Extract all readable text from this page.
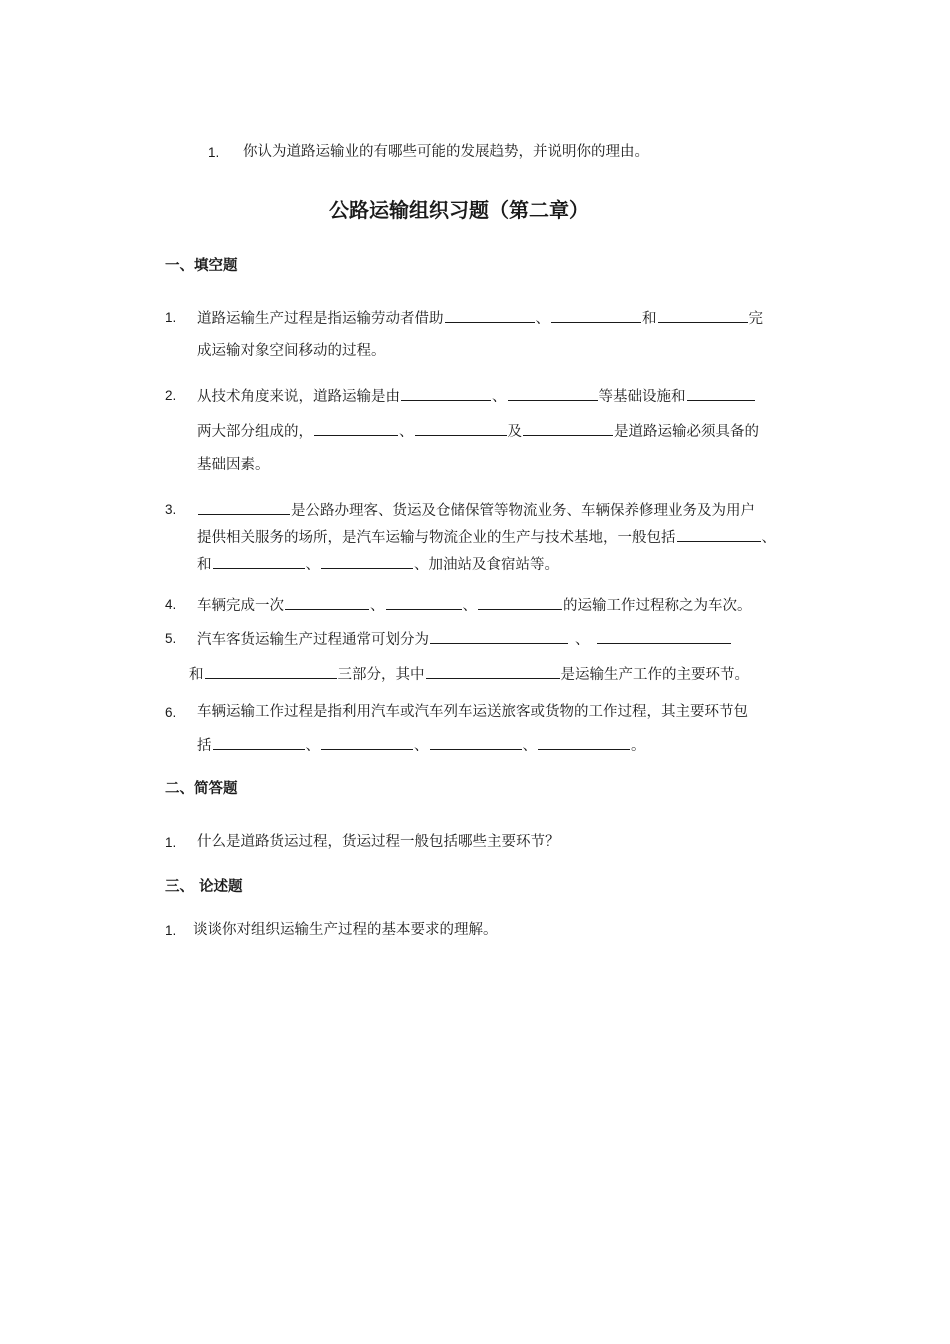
1. 你认为道路运输业的有哪些可能的发展趋势，并说明你的理由。
公路运输组织习题（第二章）
一、填空题
1. 道路运输生产过程是指运输劳动者借助	、	和	完
成运输对象空间移动的过程。
2. 从技术角度来说，道路运输是由	、	等基础设施和
两大部分组成的，	、	及	是道路运输必须具备的
基础因素。
3.	是公路办理客、货运及仓储保管等物流业务、车辆保养修理业务及为用户
提供相关服务的场所，是汽车运输与物流企业的生产与技术基地，一般包括	、
和	、	、加油站及食宿站等。
4. 车辆完成一次	、	、	的运输工作过程称之为车次。
5. 汽车客货运输生产过程通常可划分为	、
和	三部分，其中	是运输生产工作的主要环节。
6. 车辆运输工作过程是指利用汽车或汽车列车运送旅客或货物的工作过程，其主要环节包
括	、	、	、	。
二、简答题
1. 什么是道路货运过程，货运过程一般包括哪些主要环节？
三、 论述题
1. 谈谈你对组织运输生产过程的基本要求的理解。
